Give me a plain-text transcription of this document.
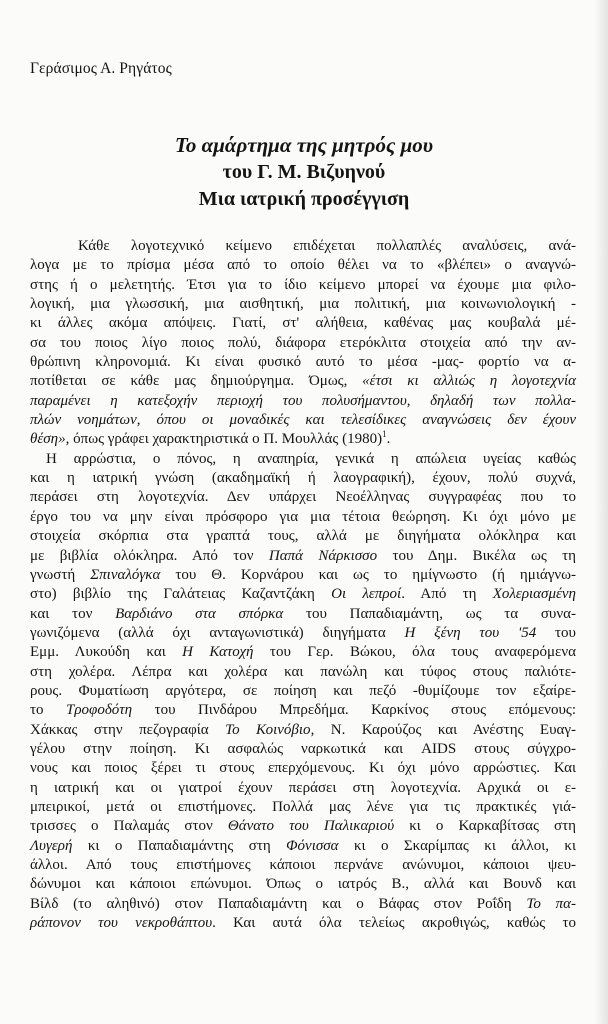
Γεράσιμος Α. Ρηγάτος
Το αμάρτημα της μητρός μου
του Γ. Μ. Βιζυηνού
Μια ιατρική προσέγγιση
Κάθε λογοτεχνικό κείμενο επιδέχεται πολλαπλές αναλύσεις, ανά-
λογα με το πρίσμα μέσα από το οποίο θέλει να το «βλέπει» ο αναγνώ-
στης ή ο μελετητής. Έτσι για το ίδιο κείμενο μπορεί να έχουμε μια φιλο-
λογική, μια γλωσσική, μια αισθητική, μια πολιτική, μια κοινωνιολογική -
κι άλλες ακόμα απόψεις. Γιατί, στ' αλήθεια, καθένας μας κουβαλά μέ-
σα του ποιος λίγο ποιος πολύ, διάφορα ετερόκλιτα στοιχεία από την αν-
θρώπινη κληρονομιά. Κι είναι φυσικό αυτό το μέσα -μας- φορτίο να α-
ποτίθεται σε κάθε μας δημιούργημα. Όμως, «έτσι κι αλλιώς η λογοτεχνία
παραμένει η κατεξοχήν περιοχή του πολυσήμαντου, δηλαδή των πολλα-
πλών νοημάτων, όπου οι μοναδικές και τελεσίδικες αναγνώσεις δεν έχουν
θέση», όπως γράφει χαρακτηριστικά ο Π. Μουλλάς $(1980)^1$.
Η αρρώστια, ο πόνος, η αναπηρία, γενικά η απώλεια υγείας καθώς
και η ιατρική γνώση (ακαδημαϊκή ή λαογραφική), έχουν, πολύ συχνά,
περάσει στη λογοτεχνία. Δεν υπάρχει Νεοέλληνας συγγραφέας που το
έργο του να μην είναι πρόσφορο για μια τέτοια θεώρηση. Κι όχι μόνο με
στοιχεία σκόρπια στα γραπτά τους, αλλά με διηγήματα ολόκληρα και
με βιβλία ολόκληρα. Από τον Παπά Νάρκισσο του Δημ. Βικέλα ως τη
γνωστή Σπιναλόγκα του Θ. Κορνάρου και ως το ημίγνωστο (ή ημιάγνω-
στο) βιβλίο της Γαλάτειας Καζαντζάκη Οι λεπροί. Από τη Χολεριασμένη
και τον Βαρδιάνο στα σπόρκα του Παπαδιαμάντη, ως τα συνα-
γωνιζόμενα (αλλά όχι ανταγωνιστικά) διηγήματα Η ξένη του '54 του
Εμμ. Λυκούδη και Η Κατοχή του Γερ. Βώκου, όλα τους αναφερόμενα
στη χολέρα. Λέπρα και χολέρα και πανώλη και τύφος στους παλιότε-
ρους. Φυματίωση αργότερα, σε ποίηση και πεζό -θυμίζουμε τον εξαίρε-
το Τροφοδότη του Πινδάρου Μπρεδήμα. Καρκίνος στους επόμενους:
Χάκκας στην πεζογραφία Το Κοινόβιο, Ν. Καρούζος και Ανέστης Ευαγ-
γέλου στην ποίηση. Κι ασφαλώς ναρκωτικά και AIDS στους σύγχρο-
νους και ποιος ξέρει τι στους επερχόμενους. Κι όχι μόνο αρρώστιες. Και
η ιατρική και οι γιατροί έχουν περάσει στη λογοτεχνία. Αρχικά οι ε-
μπειρικοί, μετά οι επιστήμονες. Πολλά μας λένε για τις πρακτικές γιά-
τρισσες ο Παλαμάς στον Θάνατο του Παλικαριού κι ο Καρκαβίτσας στη
Λυγερή κι ο Παπαδιαμάντης στη Φόνισσα κι ο Σκαρίμπας κι άλλοι, κι
άλλοι. Από τους επιστήμονες κάποιοι περνάνε ανώνυμοι, κάποιοι ψευ-
δώνυμοι και κάποιοι επώνυμοι. Όπως ο ιατρός Β., αλλά και Βουνδ και
Βίλδ (το αληθινό) στον Παπαδιαμάντη και ο Βάφας στον Ροΐδη Το πα-
ράπονον του νεκροθάπτου. Και αυτά όλα τελείως ακροθιγώς, καθώς το
